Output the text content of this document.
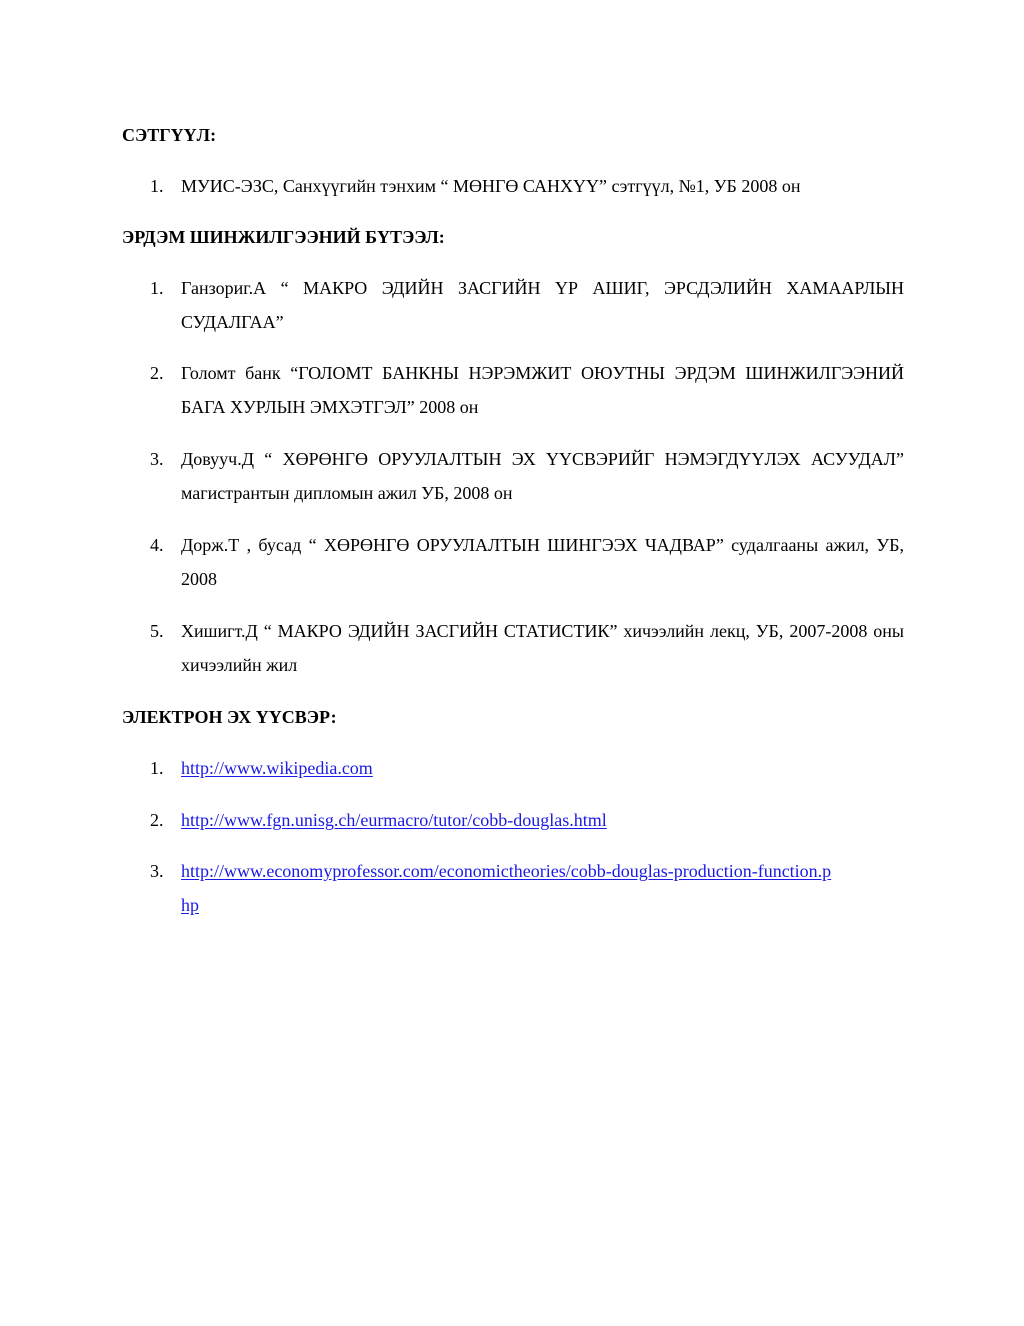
СЭТГҮҮЛ:
1. МУИС-ЭЗС, Санхүүгийн тэнхим “ МӨНГӨ САНХҮҮ” сэтгүүл, №1, УБ 2008 он
ЭРДЭМ ШИНЖИЛГЭЭНИЙ БҮТЭЭЛ:
1. Ганзориг.А “ МАКРО ЭДИЙН ЗАСГИЙН ҮР АШИГ, ЭРСДЭЛИЙН ХАМААРЛЫН СУДАЛГАА”
2. Голомт банк “ГОЛОМТ БАНКНЫ НЭРЭМЖИТ ОЮУТНЫ ЭРДЭМ ШИНЖИЛГЭЭНИЙ БАГА ХУРЛЫН ЭМХЭТГЭЛ” 2008 он
3. Довууч.Д “ ХӨРӨНГӨ ОРУУЛАЛТЫН ЭХ ҮҮСВЭРИЙГ НЭМЭГДҮҮЛЭХ АСУУДАЛ” магистрантын дипломын ажил УБ, 2008 он
4. Дорж.Т , бусад “ ХӨРӨНГӨ ОРУУЛАЛТЫН ШИНГЭЭХ ЧАДВАР” судалгааны ажил, УБ, 2008
5. Хишигт.Д “ МАКРО ЭДИЙН ЗАСГИЙН СТАТИСТИК” хичээлийн лекц, УБ, 2007-2008 оны хичээлийн жил
ЭЛЕКТРОН ЭХ ҮҮСВЭР:
1. http://www.wikipedia.com
2. http://www.fgn.unisg.ch/eurmacro/tutor/cobb-douglas.html
3. http://www.economyprofessor.com/economictheories/cobb-douglas-production-function.php
